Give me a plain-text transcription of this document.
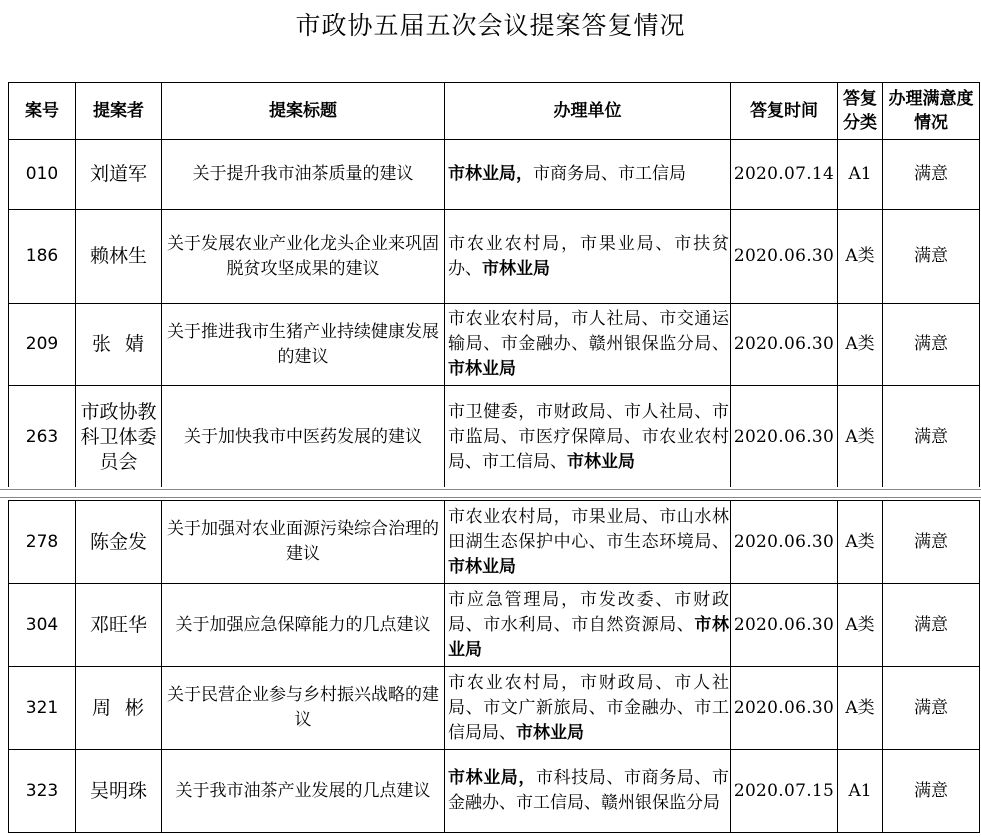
市政协五届五次会议提案答复情况
案号	提案者	提案标题	办理单位	答复时间	答复分类	办理满意度情况
010	刘道军	关于提升我市油茶质量的建议	市林业局，市商务局、市工信局	2020.07.14	A1	满意
186	赖林生	关于发展农业产业化龙头企业来巩固脱贫攻坚成果的建议	市农业农村局，市果业局、市扶贫办、市林业局	2020.06.30	A类	满意
209	张婧	关于推进我市生猪产业持续健康发展的建议	市农业农村局，市人社局、市交通运输局、市金融办、赣州银保监分局、市林业局	2020.06.30	A类	满意
263	市政协教科卫体委员会	关于加快我市中医药发展的建议	市卫健委，市财政局、市人社局、市市监局、市医疗保障局、市农业农村局、市工信局、市林业局	2020.06.30	A类	满意
278	陈金发	关于加强对农业面源污染综合治理的建议	市农业农村局，市果业局、市山水林田湖生态保护中心、市生态环境局、市林业局	2020.06.30	A类	满意
304	邓旺华	关于加强应急保障能力的几点建议	市应急管理局，市发改委、市财政局、市水利局、市自然资源局、市林业局	2020.06.30	A类	满意
321	周彬	关于民营企业参与乡村振兴战略的建议	市农业农村局，市财政局、市人社局、市文广新旅局、市金融办、市工信局局、市林业局	2020.06.30	A类	满意
323	吴明珠	关于我市油茶产业发展的几点建议	市林业局，市科技局、市商务局、市金融办、市工信局、赣州银保监分局	2020.07.15	A1	满意
